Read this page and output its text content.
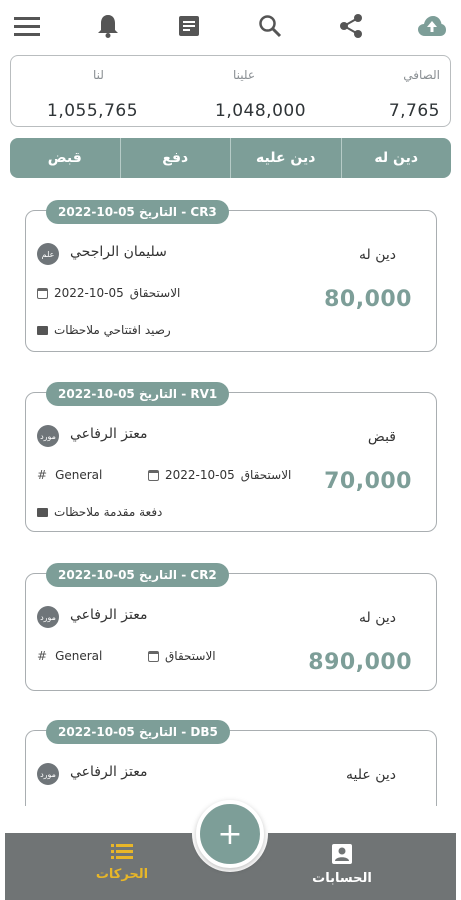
الصافي
7,765
علينا
1,048,000
لنا
1,055,765
دين له
دين عليه
دفع
قبض
التاريخ 05-10-2022 - CR3
دين له
علم	سليمان الراجحي
80,000
2022-10-05 الاستحقاق
رصيد افتتاحي ملاحظات
التاريخ 05-10-2022 - RV1
قبض
مورد معتز الرفاعي
70,000
# General	2022-10-05 الاستحقاق
دفعة مقدمة ملاحظات
التاريخ 05-10-2022 - CR2
دين له
مورد معتز الرفاعي
890,000
# General	الاستحقاق
التاريخ 05-10-2022 - DB5
دين عليه
مورد معتز الرفاعي
الحسابات
الحركات
+
